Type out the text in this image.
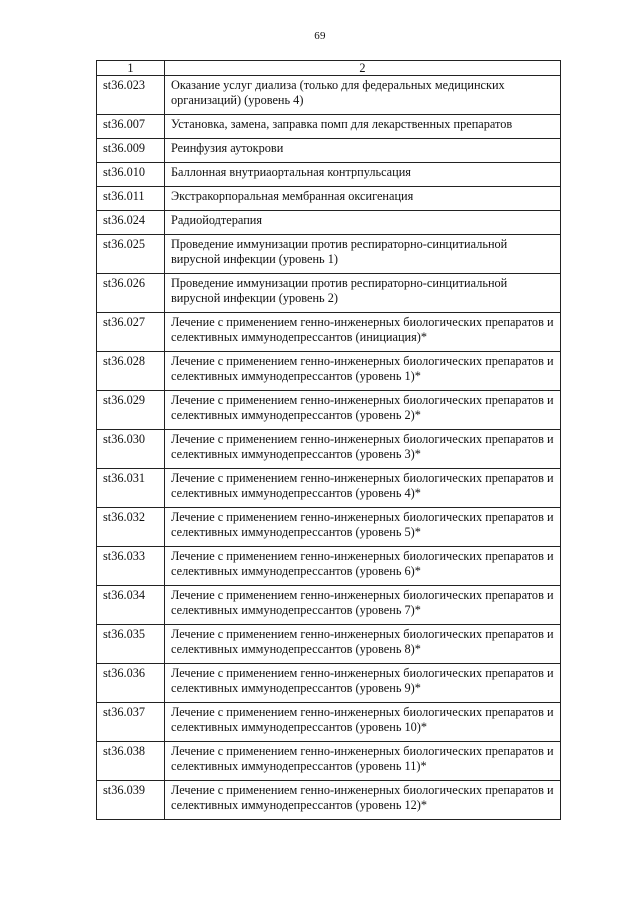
69
1	2
st36.023	Оказание услуг диализа (только для федеральных медицинских организаций) (уровень 4)
st36.007	Установка, замена, заправка помп для лекарственных препаратов
st36.009	Реинфузия аутокрови
st36.010	Баллонная внутриаортальная контрпульсация
st36.011	Экстракорпоральная мембранная оксигенация
st36.024	Радиойодтерапия
st36.025	Проведение иммунизации против респираторно-синцитиальной вирусной инфекции (уровень 1)
st36.026	Проведение иммунизации против респираторно-синцитиальной вирусной инфекции (уровень 2)
st36.027	Лечение с применением генно-инженерных биологических препаратов и селективных иммунодепрессантов (инициация)*
st36.028	Лечение с применением генно-инженерных биологических препаратов и селективных иммунодепрессантов (уровень 1)*
st36.029	Лечение с применением генно-инженерных биологических препаратов и селективных иммунодепрессантов (уровень 2)*
st36.030	Лечение с применением генно-инженерных биологических препаратов и селективных иммунодепрессантов (уровень 3)*
st36.031	Лечение с применением генно-инженерных биологических препаратов и селективных иммунодепрессантов (уровень 4)*
st36.032	Лечение с применением генно-инженерных биологических препаратов и селективных иммунодепрессантов (уровень 5)*
st36.033	Лечение с применением генно-инженерных биологических препаратов и селективных иммунодепрессантов (уровень 6)*
st36.034	Лечение с применением генно-инженерных биологических препаратов и селективных иммунодепрессантов (уровень 7)*
st36.035	Лечение с применением генно-инженерных биологических препаратов и селективных иммунодепрессантов (уровень 8)*
st36.036	Лечение с применением генно-инженерных биологических препаратов и селективных иммунодепрессантов (уровень 9)*
st36.037	Лечение с применением генно-инженерных биологических препаратов и селективных иммунодепрессантов (уровень 10)*
st36.038	Лечение с применением генно-инженерных биологических препаратов и селективных иммунодепрессантов (уровень 11)*
st36.039	Лечение с применением генно-инженерных биологических препаратов и селективных иммунодепрессантов (уровень 12)*
